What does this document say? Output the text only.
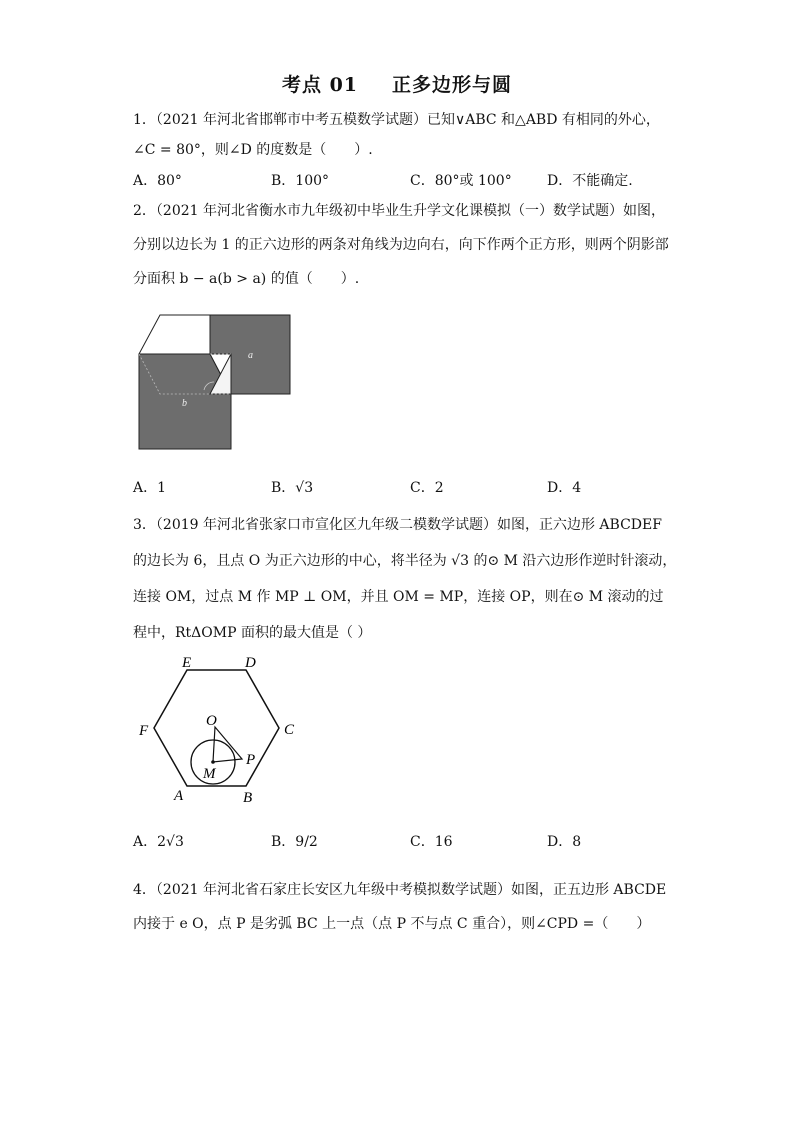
考点 01 正多边形与圆
1．（2021 年河北省邯郸市中考五模数学试题）已知∨ABC 和△ABD 有相同的外心，
∠C = 80°，则∠D 的度数是（　　）.
A．80°	B．100°	C．80°或 100°	D．不能确定.
2．（2021 年河北省衡水市九年级初中毕业生升学文化课模拟（一）数学试题）如图，
分别以边长为 1 的正六边形的两条对角线为边向右，向下作两个正方形，则两个阴影部
分面积 b − a(b > a) 的值（　　）.
a
b
A．1	B．√3	C．2	D．4
3．（2019 年河北省张家口市宣化区九年级二模数学试题）如图，正六边形 ABCDEF
的边长为 6，且点 O 为正六边形的中心，将半径为 √3 的⊙ M 沿六边形作逆时针滚动，
连接 OM，过点 M 作 MP ⊥ OM，并且 OM = MP，连接 OP，则在⊙ M 滚动的过
程中，RtΔOMP 面积的最大值是（ ）
E	D
F	C
A	B
O
M
P
A．2√3	B．9/2	C．16	D．8
4．（2021 年河北省石家庄长安区九年级中考模拟数学试题）如图，正五边形 ABCDE
内接于 e O，点 P 是劣弧 BC 上一点（点 P 不与点 C 重合），则∠CPD =（　　）
